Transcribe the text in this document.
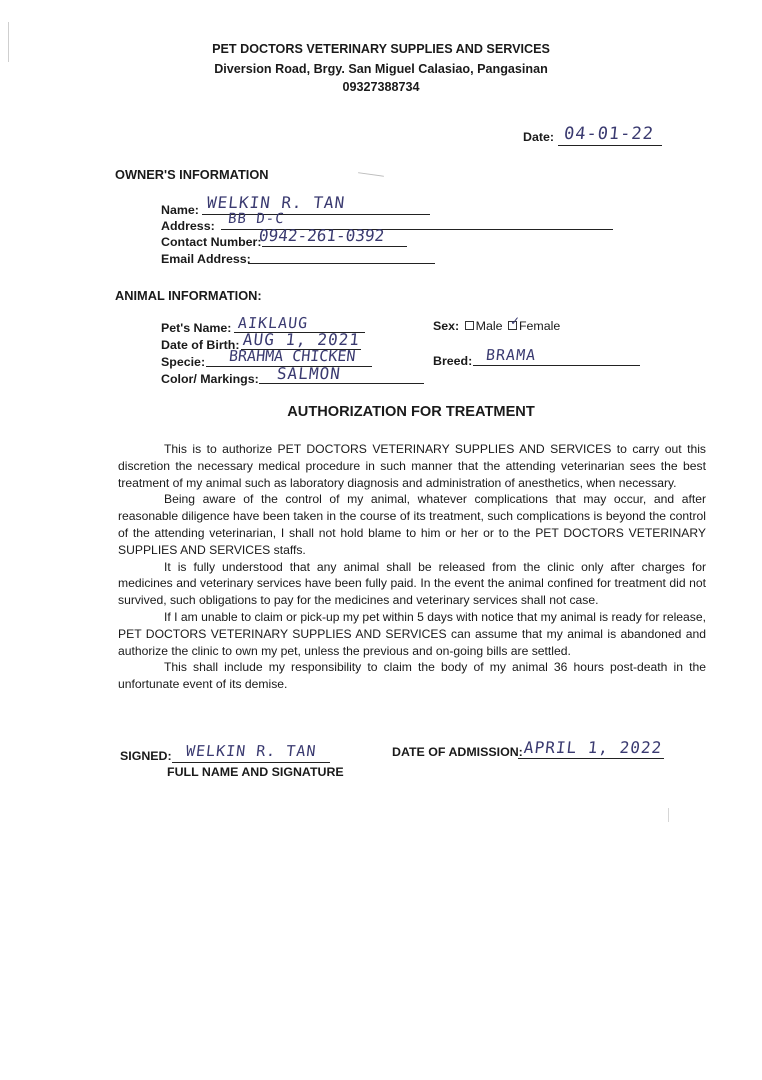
PET DOCTORS VETERINARY SUPPLIES AND SERVICES
Diversion Road, Brgy. San Miguel Calasiao, Pangasinan
09327388734
Date: 04-01-22
OWNER'S INFORMATION
Name: WELKIN R. TAN
Address: BB D-C
Contact Number:
0942-261-0392
Email Address:
ANIMAL INFORMATION:
Pet's Name: AIKLAUG
Date of Birth: AUG 1, 2021
Specie: BRAHMA CHICKEN
Color/ Markings: SALMON
Sex: Male ✓
Female
Breed: BRAMA
AUTHORIZATION FOR TREATMENT

This is to authorize PET DOCTORS VETERINARY SUPPLIES AND SERVICES to carry out this discretion the necessary medical procedure in such manner that the attending veterinarian sees the best treatment of my animal such as laboratory diagnosis and administration of anesthetics, when necessary.

Being aware of the control of my animal, whatever complications that may occur, and after reasonable diligence have been taken in the course of its treatment, such complications is beyond the control of the attending veterinarian, I shall not hold blame to him or her or to the PET DOCTORS VETERINARY SUPPLIES AND SERVICES staffs.

It is fully understood that any animal shall be released from the clinic only after charges for medicines and veterinary services have been fully paid. In the event the animal confined for treatment did not survived, such obligations to pay for the medicines and veterinary services shall not case.

If I am unable to claim or pick-up my pet within 5 days with notice that my animal is ready for release, PET DOCTORS VETERINARY SUPPLIES AND SERVICES can assume that my animal is abandoned and authorize the clinic to own my pet, unless the previous and on-going bills are settled.

This shall include my responsibility to claim the body of my animal 36 hours post-death in the unfortunate event of its demise.

SIGNED: WELKIN R. TAN
FULL NAME AND SIGNATURE
DATE OF ADMISSION: APRIL 1, 2022
